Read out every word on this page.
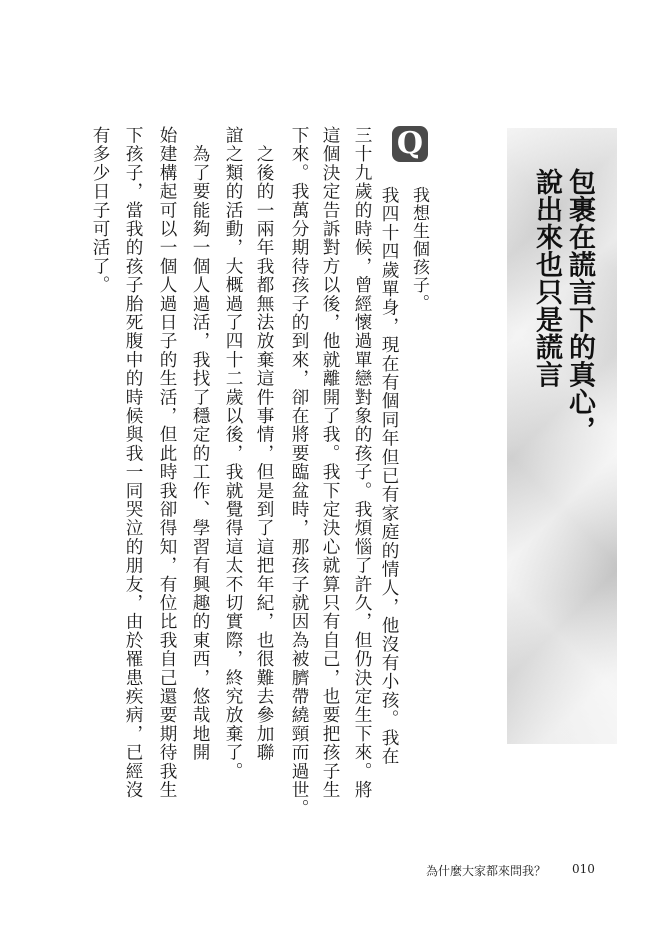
包裹在謊言下的真心，
說出來也只是謊言
Q
我想生個孩子。
我四十四歲單身，現在有個同年但已有家庭的情人，他沒有小孩。我在
三十九歲的時候，曾經懷過單戀對象的孩子。我煩惱了許久，但仍決定生下來。將
這個決定告訴對方以後，他就離開了我。我下定決心就算只有自己，也要把孩子生
下來。我萬分期待孩子的到來，卻在將要臨盆時，那孩子就因為被臍帶繞頸而過世。
　之後的一兩年我都無法放棄這件事情，但是到了這把年紀，也很難去參加聯
誼之類的活動，大概過了四十二歲以後，我就覺得這太不切實際，終究放棄了。
　為了要能夠一個人過活，我找了穩定的工作、學習有興趣的東西，悠哉地開
始建構起可以一個人過日子的生活，但此時我卻得知，有位比我自己還要期待我生
下孩子，當我的孩子胎死腹中的時候與我一同哭泣的朋友，由於罹患疾病，已經沒
有多少日子可活了。
為什麼大家都來問我？ 010
